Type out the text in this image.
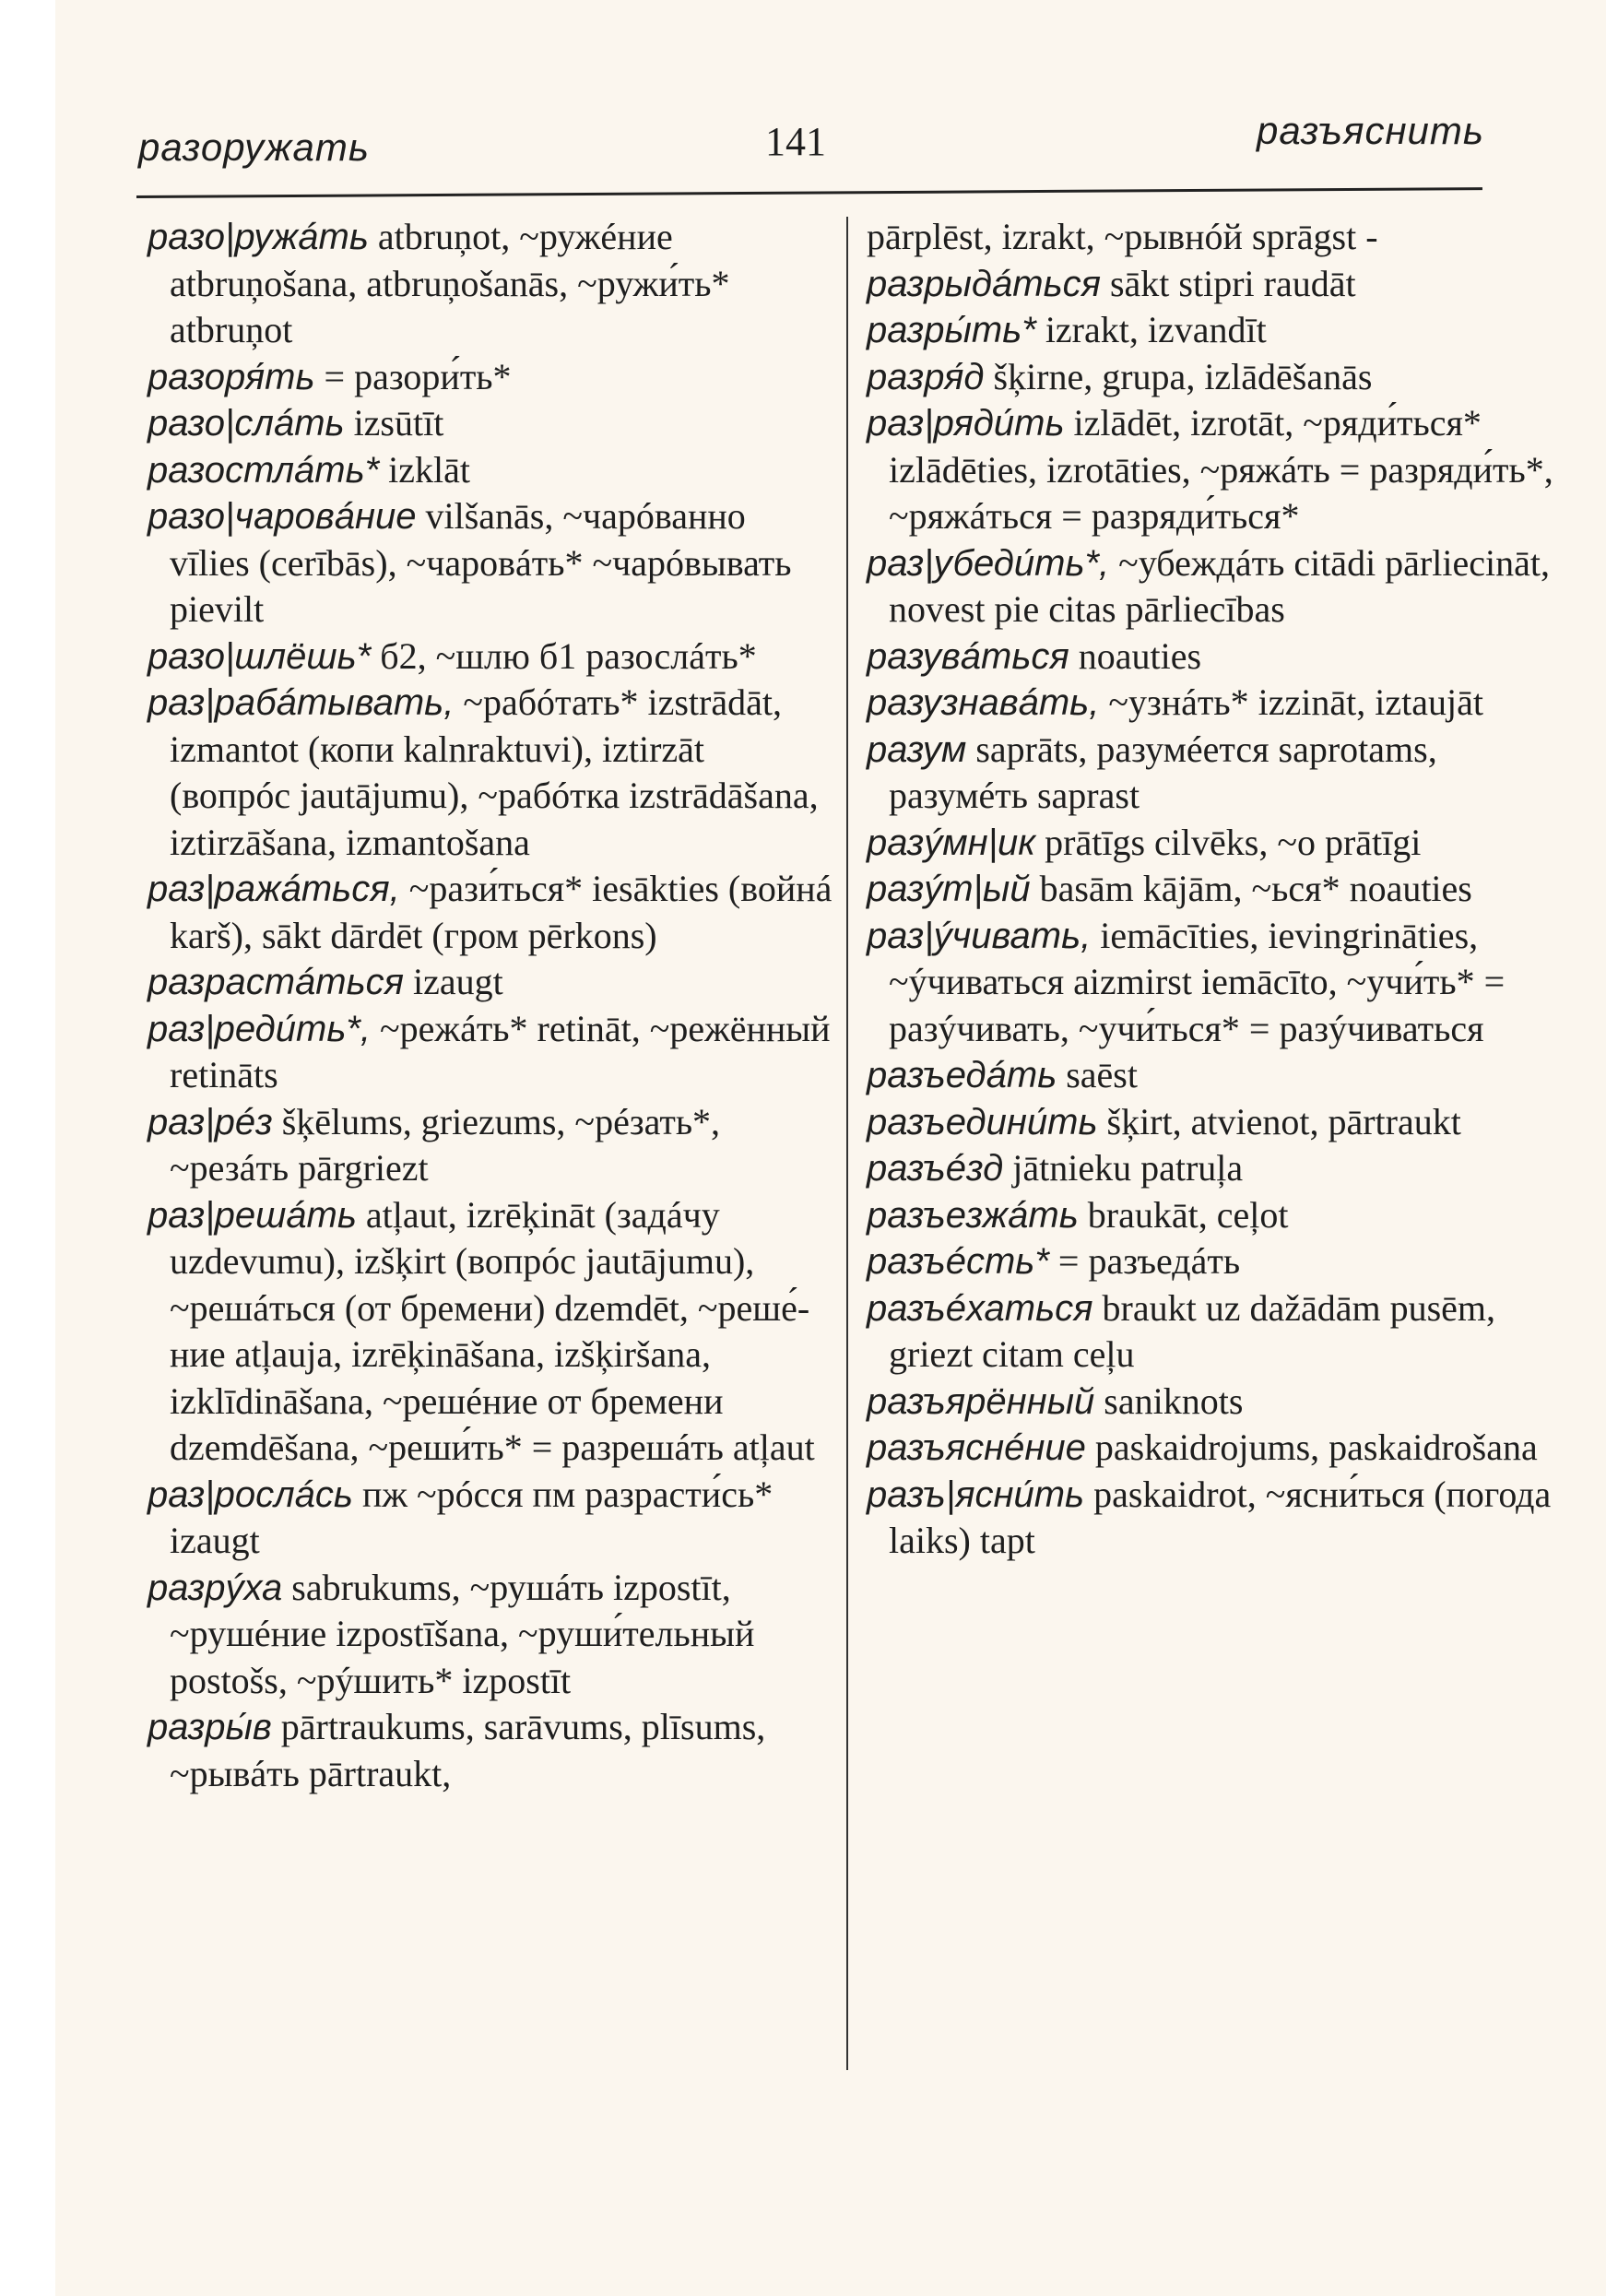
разоружать	141	разъяснить

разо|ружáть atbruņot, ~ружéние atbruņošana, atbruņošanās, ~ружи́ть* atbruņot

разоря́ть = разори́ть*

разо|слáть izsūtīt

разостлáть* izklāt

разо|чаровáние vilšanās, ~чарóванно vīlies (cerībās), ~чаровáть* ~чарóвывать pievilt

разо|шлёшь* б2, ~шлю б1 разослáть*

раз|рабáтывать, ~рабóтать* izstrādāt, izmantot (копи kalnraktuvi), iztirzāt (вопрóс jautājumu), ~рабóтка izstrādāšana, iztirzāšana, izmantošana

раз|ражáться, ~рази́ться* iesākties (войнá karš), sākt dārdēt (гром pērkons)

разрастáться izaugt

раз|реди́ть*, ~режáть* retināt, ~режённый retināts

раз|рéз šķēlums, griezums, ~рéзать*, ~резáть pārgriezt

раз|решáть atļaut, izrēķināt (задáчу uzdevumu), izšķirt (вопрóс jautājumu), ~решáться (от бремени) dzemdēt, ~реше́ние atļauja, izrēķināšana, izšķiršana, izklīdināšana, ~решéние от бремени dzemdēšana, ~реши́ть* = разрешáть atļaut

раз|рослáсь пж ~рóсся пм разрасти́сь* izaugt

разрýха sabrukums, ~рушáть izpostīt, ~рушéние izpostīšana, ~руши́тельный postošs, ~рýшить* izpostīt

разры́в pārtraukums, sarāvums, plīsums, ~рывáть pārtraukt,

pārplēst, izrakt, ~рывнóй sprāgst -

разрыдáться sākt stipri raudāt

разры́ть* izrakt, izvandīt

разря́д šķirne, grupa, izlādēšanās

раз|ряди́ть izlādēt, izrotāt, ~ряди́ться* izlādēties, izrotāties, ~ряжáть = разряди́ть*, ~ряжáться = разряди́ться*

раз|убеди́ть*, ~убеждáть citādi pārliecināt, novest pie citas pārliecības

разувáться noauties

разузнавáть, ~узнáть* izzināt, iztaujāt

разум saprāts, разумéется saprotams, разумéть saprast

разýмн|ик prātīgs cilvēks, ~о prātīgi

разýт|ый basām kājām, ~ься* noauties

раз|ýчивать, iemācīties, ievingrināties, ~ýчиваться aizmirst iemācīto, ~учи́ть* = разýчивать, ~учи́ться* = разýчиваться

разъедáть saēst

разъедини́ть šķirt, atvienot, pārtraukt

разъéзд jātnieku patruļa

разъезжáть braukāt, ceļot

разъéсть* = разъедáть

разъéхаться braukt uz dažādām pusēm, griezt citam ceļu

разъярённый saniknots

разъяснéние paskaidrojums, paskaidrošana

разъ|ясни́ть paskaidrot, ~ясни́ться (погода laiks) tapt
